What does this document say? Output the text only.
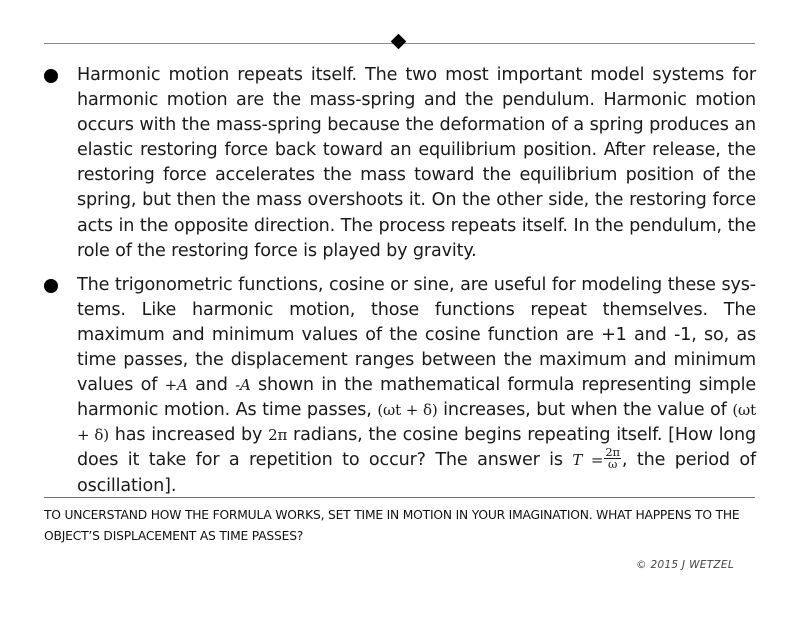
Harmonic motion repeats itself. The two most important model systems for harmonic motion are the mass-spring and the pendulum. Harmonic motion occurs with the mass-spring because the deformation of a spring produces an elastic restoring force back toward an equilibrium position. After release, the restoring force accelerates the mass toward the equilibrium position of the spring, but then the mass overshoots it. On the other side, the restoring force acts in the opposite direction. The process repeats itself. In the pendulum, the role of the restoring force is played by gravity.
The trigonometric functions, cosine or sine, are useful for modeling these sys-tems. Like harmonic motion, those functions repeat themselves. The maximum and minimum values of the cosine function are +1 and -1, so, as time passes, the displacement ranges between the maximum and minimum values of +A and -A shown in the mathematical formula representing simple harmonic motion. As time passes, (ωt + δ) increases, but when the value of (ωt + δ) has increased by 2π radians, the cosine begins repeating itself. [How long does it take for a repetition to occur? The answer is $T = \frac{2\pi}{\omega}$ , the period of oscillation].
TO UNCERSTAND HOW THE FORMULA WORKS, SET TIME IN MOTION IN YOUR IMAGINATION. WHAT HAPPENS TO THE OBJECT’S DISPLACEMENT AS TIME PASSES?
© 2015 J WETZEL
